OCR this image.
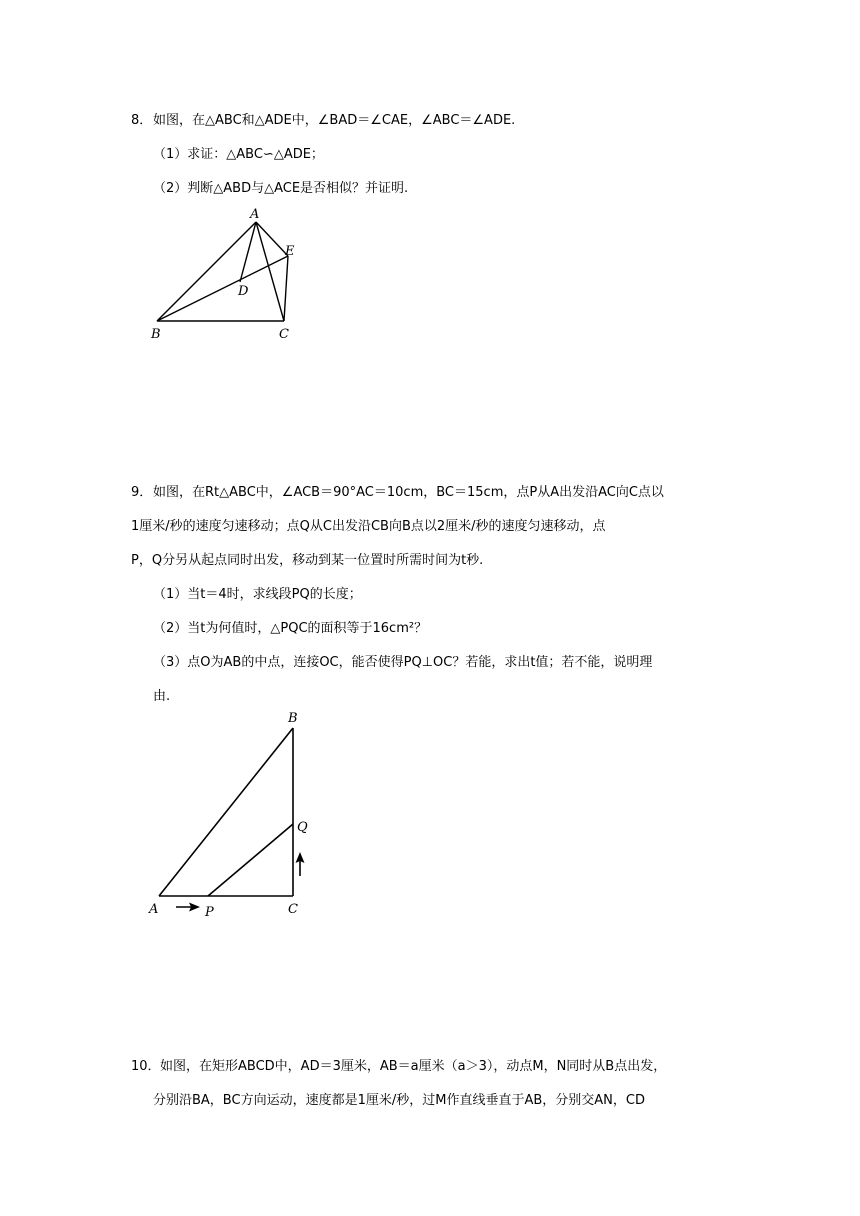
8． 如图，在△ABC和△ADE中，∠BAD＝∠CAE，∠ABC＝∠ADE.
（1）求证：△ABC∽△ADE；
（2）判断△ABD与△ACE是否相似？并证明.
A
B	C
D
E
9． 如图，在Rt△ABC中，∠ACB＝90°AC＝10cm，BC＝15cm，点P从A出发沿AC向C点以
1厘米/秒的速度匀速移动；点Q从C出发沿CB向B点以2厘米/秒的速度匀速移动，点
P，Q分另从起点同时出发，移动到某一位置时所需时间为t秒.
（1）当t＝4时，求线段PQ的长度；
（2）当t为何值时，△PQC的面积等于16cm²？
（3）点O为AB的中点，连接OC，能否使得PQ⊥OC？若能，求出t值；若不能，说明理
由.
B
Q
A	P	C
10． 如图，在矩形ABCD中，AD＝3厘米，AB＝a厘米（a＞3），动点M，N同时从B点出发，
分别沿BA，BC方向运动，速度都是1厘米/秒，过M作直线垂直于AB，分别交AN，CD
